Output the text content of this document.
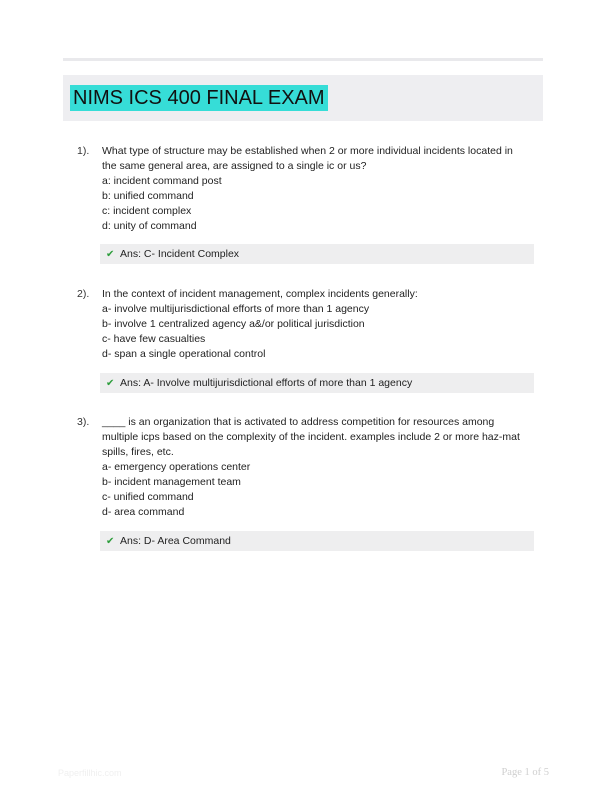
NIMS ICS 400 FINAL EXAM
1). What type of structure may be established when 2 or more individual incidents located in
the same general area, are assigned to a single ic or us?
a: incident command post
b: unified command
c: incident complex
d: unity of command
✔ Ans: C- Incident Complex
2). In the context of incident management, complex incidents generally:
a- involve multijurisdictional efforts of more than 1 agency
b- involve 1 centralized agency a&/or political jurisdiction
c- have few casualties
d- span a single operational control
✔ Ans: A- Involve multijurisdictional efforts of more than 1 agency
3). ____ is an organization that is activated to address competition for resources among
multiple icps based on the complexity of the incident. examples include 2 or more haz-mat
spills, fires, etc.
a- emergency operations center
b- incident management team
c- unified command
d- area command
✔ Ans: D- Area Command
Paperfillhic.com	Page 1 of 5
